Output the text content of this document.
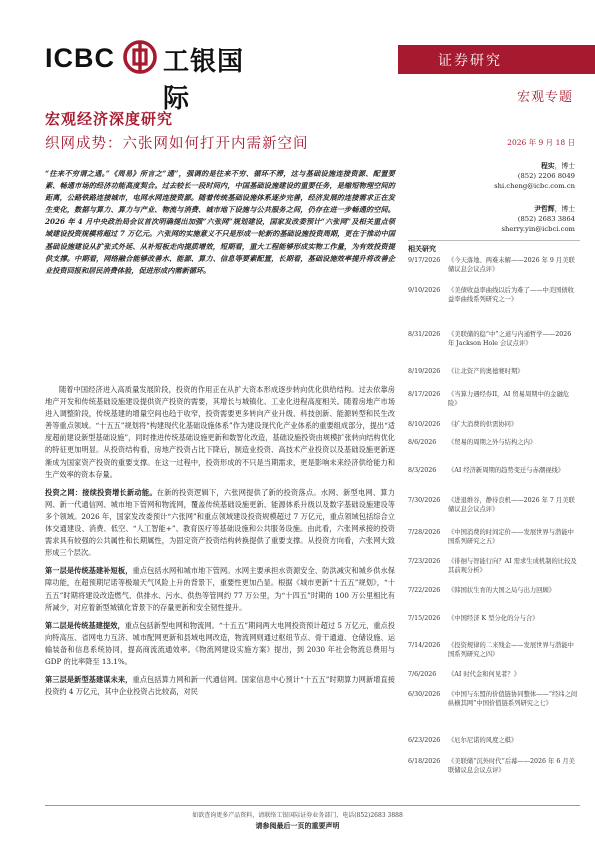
ICBC 工银国际
证券研究
宏观专题
宏观经济深度研究
织网成势：六张网如何打开内需新空间	2026 年 9 月 18 日
程实，博士
(852) 2206 8049
shi.cheng@icbc.com.cn
尹哲辉，博士
(852) 2683 3864
sherry.yin@icbci.com
“往来不穷谓之通。”《周易》所言之“通”，强调的是往来不穷、循环不滞，这与基础设施连接资源、配置要素、畅通市场的经济功能高度契合。过去较长一段时间内，中国基础设施建设的重要任务，是缩短物理空间的距离，公路铁路连接城市，电网水网连接资源。随着传统基础设施体系逐步完善，经济发展的连接需求正在发生变化，数据与算力、算力与产业、物流与消费、城市地下设施与公共服务之间，仍存在进一步畅通的空间。2026 年 4 月中央政治局会议首次明确提出加强“六张网”规划建设，国家发改委预计“六张网”及相关重点领域建设投资规模将超过 7 万亿元。六张网的实施意义不只是形成一轮新的基础设施投资周期，更在于推动中国基础设施建设从扩张式外延、从补短板走向提质增效，短期看，重大工程能够形成实物工作量，为有效投资提供支撑。中期看，网络融合能够改善水、能源、算力、信息等要素配置，长期看，基础设施效率提升将改善企业投资回报和居民消费体验，促进形成内需新循环。

随着中国经济进入高质量发展阶段，投资的作用正在从扩大资本形成逐步转向优化供给结构。过去依靠房地产开发和传统基础设施建设提供资产投资的需要，其增长与城镇化、工业化进程高度相关。随着房地产市场进入调整阶段，传统基建的增量空间也趋于收窄，投资需要更多转向产业升级、科技创新、能源转型和民生改善等重点领域。“十五五”规划将“构建现代化基础设施体系”作为建设现代化产业体系的重要组成部分，提出“适度超前建设新型基础设施”，同时推进传统基础设施更新和数智化改造，基础设施投资由规模扩张转向结构优化的特征更加明显。从投资结构看，房地产投资占比下降后，制造业投资、高技术产业投资以及基础设施更新逐渐成为国家资产投资的重要支撑。在这一过程中，投资形成的不只是当期需求，更是影响未来经济供给能力和生产效率的资本存量。

投资之网：接续投资增长新动能。在新的投资逻辑下，六张网提供了新的投资落点。水网、新型电网、算力网、新一代通信网、城市地下管网和物流网，覆盖传统基础设施更新、能源体系升级以及数字基础设施建设等多个领域。2026 年，国家发改委预计“六张网”和重点领域建设投资规模超过 7 万亿元，重点领域包括综合立体交通建设、消费、低空、“人工智能+”、教育医疗等基础设施和公共服务设施。由此看，六张网承接的投资需求具有较强的公共属性和长期属性，为固定资产投资结构转换提供了重要支撑。从投资方向看，六张网大致形成三个层次。

第一层是传统基建补短板，重点包括水网和城市地下管网。水网主要承担水资源安全、防洪减灾和城乡供水保障功能，在超预期尼诺等极端天气风险上升的背景下，重要性更加凸显。根据《城市更新“十五五”规划》，“十五五”时期将建设改造燃气、供排水、污水、供热等管网约 77 万公里，为“十四五”时期的 100 万公里相比有所减少，对应着新型城镇化背景下的存量更新和安全韧性提升。

第二层是传统基建提效，重点包括新型电网和物流网。“十五五”期间两大电网投资预计超过 5 万亿元，重点投向特高压、省网电力互济、城市配网更新和县域电网改造，物流网则通过枢纽节点、骨干通道、仓储设施、运输装备和信息系统协同，提高商流流通效率。《物流网建设实施方案》提出，到 2030 年社会物流总费用与 GDP 的比率降至 13.1%。

第三层是新型基建谋未来，重点包括算力网和新一代通信网。国家信息中心预计“十五五”时期算力网新增直接投资约 4 万亿元，其中企业投资占比较高，对民

相关研究
9/17/2026 《今天落地、两难未解——2026 年 9 月美联储议息会议点评》
9/10/2026 《美债收益率曲线以后为难了——中美国债收益率曲线系列研究之一》
8/31/2026 《美联储的稳“中”之道与内通哲学——2026 年 Jackson Hole 会议点评》
8/19/2026 《让北资产的奥德赛时期》
8/17/2026 《当算力遇经券II，AI 贸易周期中的金融危险》
8/10/2026 《扩大消费的供需协同》
8/6/2026 《贸易的周期之外与结构之内》
8/3/2026 《AI 经济新周期的趋势变迁与赤潮视线》
7/30/2026 《进退维谷，静待良机——2026 年 7 月美联储议息会议点评》
7/28/2026 《中国消费的时间定价——发展世界与潜能中国系列研究之五》
7/23/2026 《徘徊与智能行向？AI 需求生成机制的比较及其前观分析》
7/22/2026 《韩国状生育的大国之局与出力回顾》
7/15/2026 《中国经济 K 型分化的分与合》
7/14/2026 《投资规律的二来残金——发展世界与潜能中国系列研究之四》
7/6/2026 《AI 时代金和何见者？》
6/30/2026 《中国与东盟的价值链协同整体——“经纬之间 纵横其网”中国价值链系列研究之七》
6/23/2026 《厄尔尼诺的风度之棋》
6/18/2026 《美联储“沉外时代”后幕——2026 年 6 月美联储议息会议点评》
如欲查询更多产品资料，请联络工银国际证券业务部门，电话(852)2683 3888
请参阅最后一页的重要声明
